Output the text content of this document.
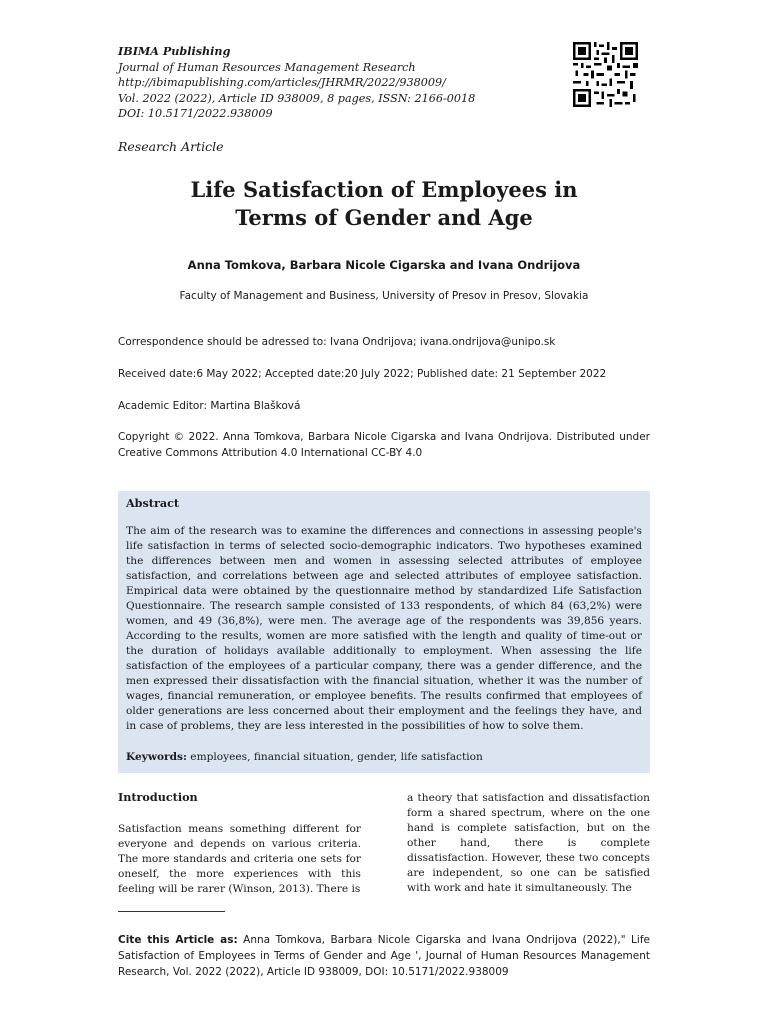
IBIMA Publishing
Journal of Human Resources Management Research
http://ibimapublishing.com/articles/JHRMR/2022/938009/
Vol. 2022 (2022), Article ID 938009, 8 pages, ISSN: 2166-0018
DOI: 10.5171/2022.938009
Research Article
Life Satisfaction of Employees in
Terms of Gender and Age
Anna Tomkova, Barbara Nicole Cigarska and Ivana Ondrijova
Faculty of Management and Business, University of Presov in Presov, Slovakia
Correspondence should be adressed to: Ivana Ondrijova; ivana.ondrijova@unipo.sk
Received date:6 May 2022; Accepted date:20 July 2022; Published date: 21 September 2022
Academic Editor: Martina Blašková
Copyright © 2022. Anna Tomkova, Barbara Nicole Cigarska and Ivana Ondrijova. Distributed under Creative Commons Attribution 4.0 International CC-BY 4.0
Abstract
The aim of the research was to examine the differences and connections in assessing people's life satisfaction in terms of selected socio-demographic indicators. Two hypotheses examined the differences between men and women in assessing selected attributes of employee satisfaction, and correlations between age and selected attributes of employee satisfaction. Empirical data were obtained by the questionnaire method by standardized Life Satisfaction Questionnaire. The research sample consisted of 133 respondents, of which 84 (63,2%) were women, and 49 (36,8%), were men. The average age of the respondents was 39,856 years. According to the results, women are more satisfied with the length and quality of time-out or the duration of holidays available additionally to employment. When assessing the life satisfaction of the employees of a particular company, there was a gender difference, and the men expressed their dissatisfaction with the financial situation, whether it was the number of wages, financial remuneration, or employee benefits. The results confirmed that employees of older generations are less concerned about their employment and the feelings they have, and in case of problems, they are less interested in the possibilities of how to solve them.
Keywords: employees, financial situation, gender, life satisfaction
Introduction
Satisfaction means something different for everyone and depends on various criteria. The more standards and criteria one sets for oneself, the more experiences with this feeling will be rarer (Winson, 2013). There is
a theory that satisfaction and dissatisfaction form a shared spectrum, where on the one hand is complete satisfaction, but on the other hand, there is complete dissatisfaction. However, these two concepts are independent, so one can be satisfied with work and hate it simultaneously. The
Cite this Article as: Anna Tomkova, Barbara Nicole Cigarska and Ivana Ondrijova (2022)," Life Satisfaction of Employees in Terms of Gender and Age ', Journal of Human Resources Management Research, Vol. 2022 (2022), Article ID 938009, DOI: 10.5171/2022.938009
